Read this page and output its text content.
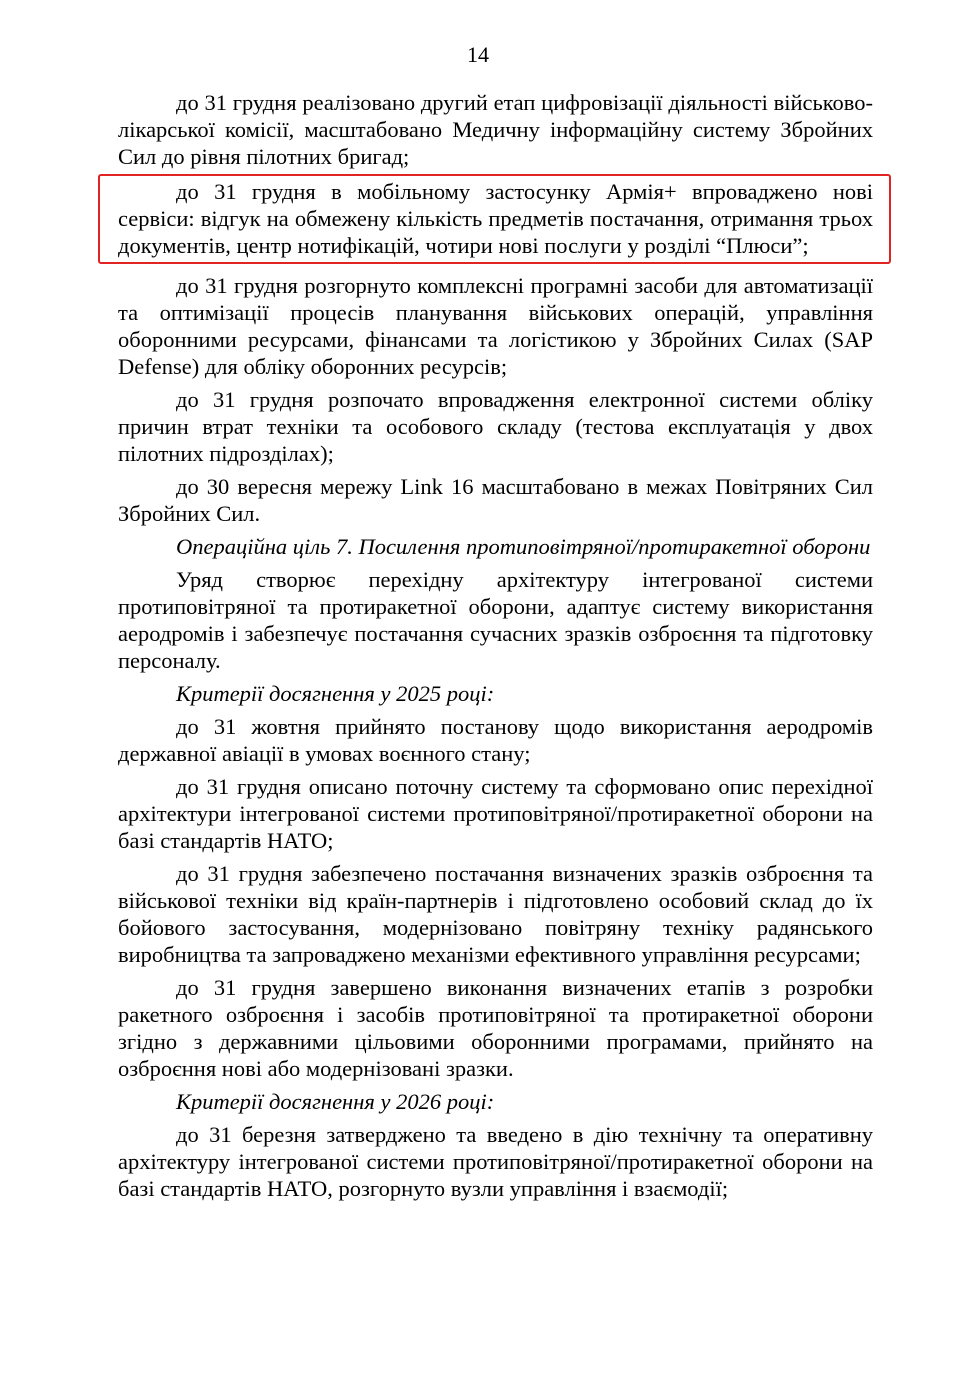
14

до 31 грудня реалізовано другий етап цифровізації діяльності військово-лікарської комісії, масштабовано Медичну інформаційну систему Збройних Сил до рівня пілотних бригад;

до 31 грудня в мобільному застосунку Армія+ впроваджено нові сервіси: відгук на обмежену кількість предметів постачання, отримання трьох документів, центр нотифікацій, чотири нові послуги у розділі “Плюси”;

до 31 грудня розгорнуто комплексні програмні засоби для автоматизації та оптимізації процесів планування військових операцій, управління оборонними ресурсами, фінансами та логістикою у Збройних Силах (SAP Defense) для обліку оборонних ресурсів;

до 31 грудня розпочато впровадження електронної системи обліку причин втрат техніки та особового складу (тестова експлуатація у двох пілотних підрозділах);

до 30 вересня мережу Link 16 масштабовано в межах Повітряних Сил Збройних Сил.

Операційна ціль 7. Посилення протиповітряної/протиракетної оборони

Уряд створює перехідну архітектуру інтегрованої системи протиповітряної та протиракетної оборони, адаптує систему використання аеродромів і забезпечує постачання сучасних зразків озброєння та підготовку персоналу.

Критерії досягнення у 2025 році:

до 31 жовтня прийнято постанову щодо використання аеродромів державної авіації в умовах воєнного стану;

до 31 грудня описано поточну систему та сформовано опис перехідної архітектури інтегрованої системи протиповітряної/протиракетної оборони на базі стандартів НАТО;

до 31 грудня забезпечено постачання визначених зразків озброєння та військової техніки від країн-партнерів і підготовлено особовий склад до їх бойового застосування, модернізовано повітряну техніку радянського виробництва та запроваджено механізми ефективного управління ресурсами;

до 31 грудня завершено виконання визначених етапів з розробки ракетного озброєння і засобів протиповітряної та протиракетної оборони згідно з державними цільовими оборонними програмами, прийнято на озброєння нові або модернізовані зразки.

Критерії досягнення у 2026 році:

до 31 березня затверджено та введено в дію технічну та оперативну архітектуру інтегрованої системи протиповітряної/протиракетної оборони на базі стандартів НАТО, розгорнуто вузли управління і взаємодії;
